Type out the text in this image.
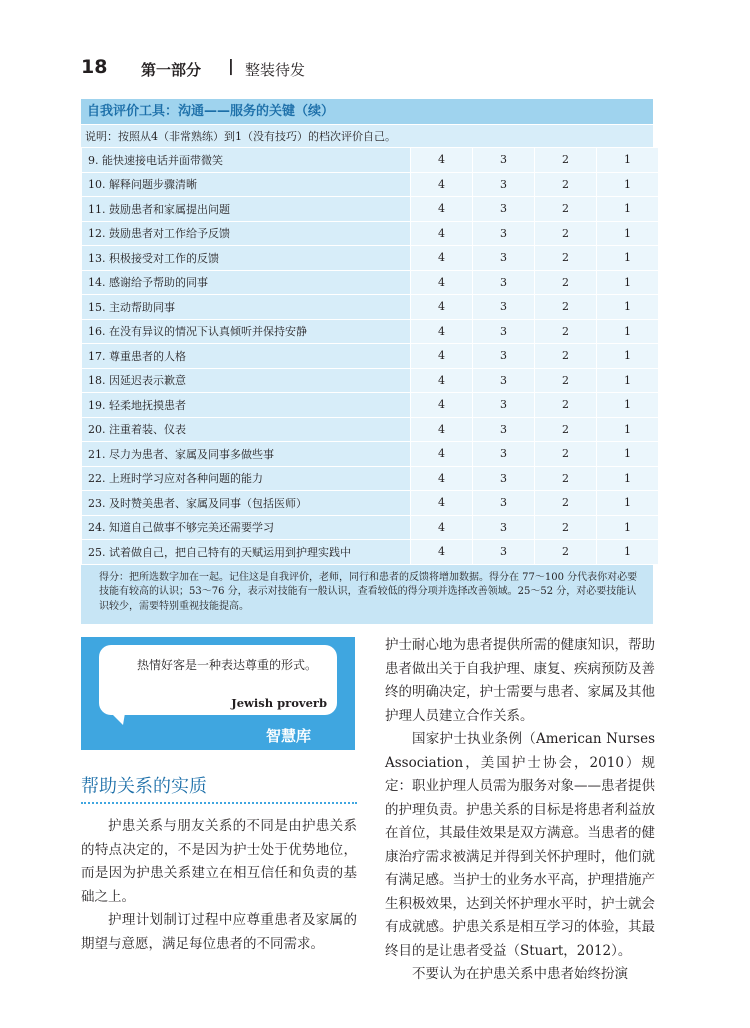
18 第一部分 | 整装待发
自我评价工具：沟通——服务的关键（续）
说明：按照从4（非常熟练）到1（没有技巧）的档次评价自己。
9. 能快速接电话并面带微笑	4	3	2	1
10. 解释问题步骤清晰	4	3	2	1
11. 鼓励患者和家属提出问题	4	3	2	1
12. 鼓励患者对工作给予反馈	4	3	2	1
13. 积极接受对工作的反馈	4	3	2	1
14. 感谢给予帮助的同事	4	3	2	1
15. 主动帮助同事	4	3	2	1
16. 在没有异议的情况下认真倾听并保持安静	4	3	2	1
17. 尊重患者的人格	4	3	2	1
18. 因延迟表示歉意	4	3	2	1
19. 轻柔地抚摸患者	4	3	2	1
20. 注重着装、仪表	4	3	2	1
21. 尽力为患者、家属及同事多做些事	4	3	2	1
22. 上班时学习应对各种问题的能力	4	3	2	1
23. 及时赞美患者、家属及同事（包括医师）	4	3	2	1
24. 知道自己做事不够完美还需要学习	4	3	2	1
25. 试着做自己，把自己特有的天赋运用到护理实践中	4	3	2	1
得分：把所选数字加在一起。记住这是自我评价，老师，同行和患者的反馈将增加数据。得分在 77～100 分代表你对必要技能有较高的认识；53～76 分，表示对技能有一般认识，查看较低的得分项并选择改善领域。25～52 分，对必要技能认识较少，需要特别重视技能提高。
热情好客是一种表达尊重的形式。
Jewish proverb
智慧库
帮助关系的实质

护患关系与朋友关系的不同是由护患关系的特点决定的，不是因为护士处于优势地位，而是因为护患关系建立在相互信任和负责的基础之上。

护理计划制订过程中应尊重患者及家属的期望与意愿，满足每位患者的不同需求。

护士耐心地为患者提供所需的健康知识，帮助患者做出关于自我护理、康复、疾病预防及善终的明确决定，护士需要与患者、家属及其他护理人员建立合作关系。

国家护士执业条例（American Nurses Association，美国护士协会，2010）规定：职业护理人员需为服务对象——患者提供的护理负责。护患关系的目标是将患者利益放在首位，其最佳效果是双方满意。当患者的健康治疗需求被满足并得到关怀护理时，他们就有满足感。当护士的业务水平高，护理措施产生积极效果，达到关怀护理水平时，护士就会有成就感。护患关系是相互学习的体验，其最终目的是让患者受益（Stuart，2012）。

不要认为在护患关系中患者始终扮演
